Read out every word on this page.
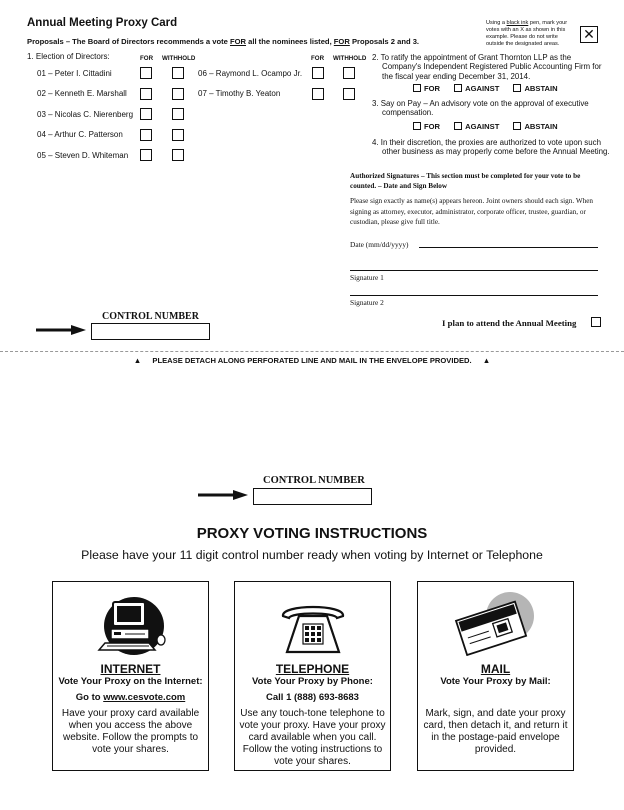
Annual Meeting Proxy Card
Proposals – The Board of Directors recommends a vote FOR all the nominees listed, FOR Proposals 2 and 3.
Using a black ink pen, mark your votes with an X as shown in this example. Please do not write outside the designated areas.
✕
1. Election of Directors:	FOR WITHHOLD	FOR WITHHOLD
01 – Peter I. Cittadini
02 – Kenneth E. Marshall
03 – Nicolas C. Nierenberg
04 – Arthur C. Patterson
05 – Steven D. Whiteman
06 – Raymond L. Ocampo Jr.
07 – Timothy B. Yeaton
2. To ratify the appointment of Grant Thornton LLP as the Company's Independent Registered Public Accounting Firm for the fiscal year ending December 31, 2014.
FOR	AGAINST	ABSTAIN
3. Say on Pay – An advisory vote on the approval of executive compensation.
FOR	AGAINST	ABSTAIN
4. In their discretion, the proxies are authorized to vote upon such other business as may properly come before the Annual Meeting.
Authorized Signatures – This section must be completed for your vote to be counted. – Date and Sign Below
Please sign exactly as name(s) appears hereon. Joint owners should each sign. When signing as attorney, executor, administrator, corporate officer, trustee, guardian, or custodian, please give full title.
Date (mm/dd/yyyy)
Signature 1
Signature 2
I plan to attend the Annual Meeting
CONTROL NUMBER
▲ PLEASE DETACH ALONG PERFORATED LINE AND MAIL IN THE ENVELOPE PROVIDED. ▲
CONTROL NUMBER
PROXY VOTING INSTRUCTIONS
Please have your 11 digit control number ready when voting by Internet or Telephone
INTERNET
Vote Your Proxy on the Internet:
Go to www.cesvote.com
Have your proxy card available when you access the above website. Follow the prompts to vote your shares.
TELEPHONE
Vote Your Proxy by Phone:
Call 1 (888) 693-8683
Use any touch-tone telephone to vote your proxy. Have your proxy card available when you call. Follow the voting instructions to vote your shares.
MAIL
Vote Your Proxy by Mail:
Mark, sign, and date your proxy card, then detach it, and return it in the postage-paid envelope provided.
